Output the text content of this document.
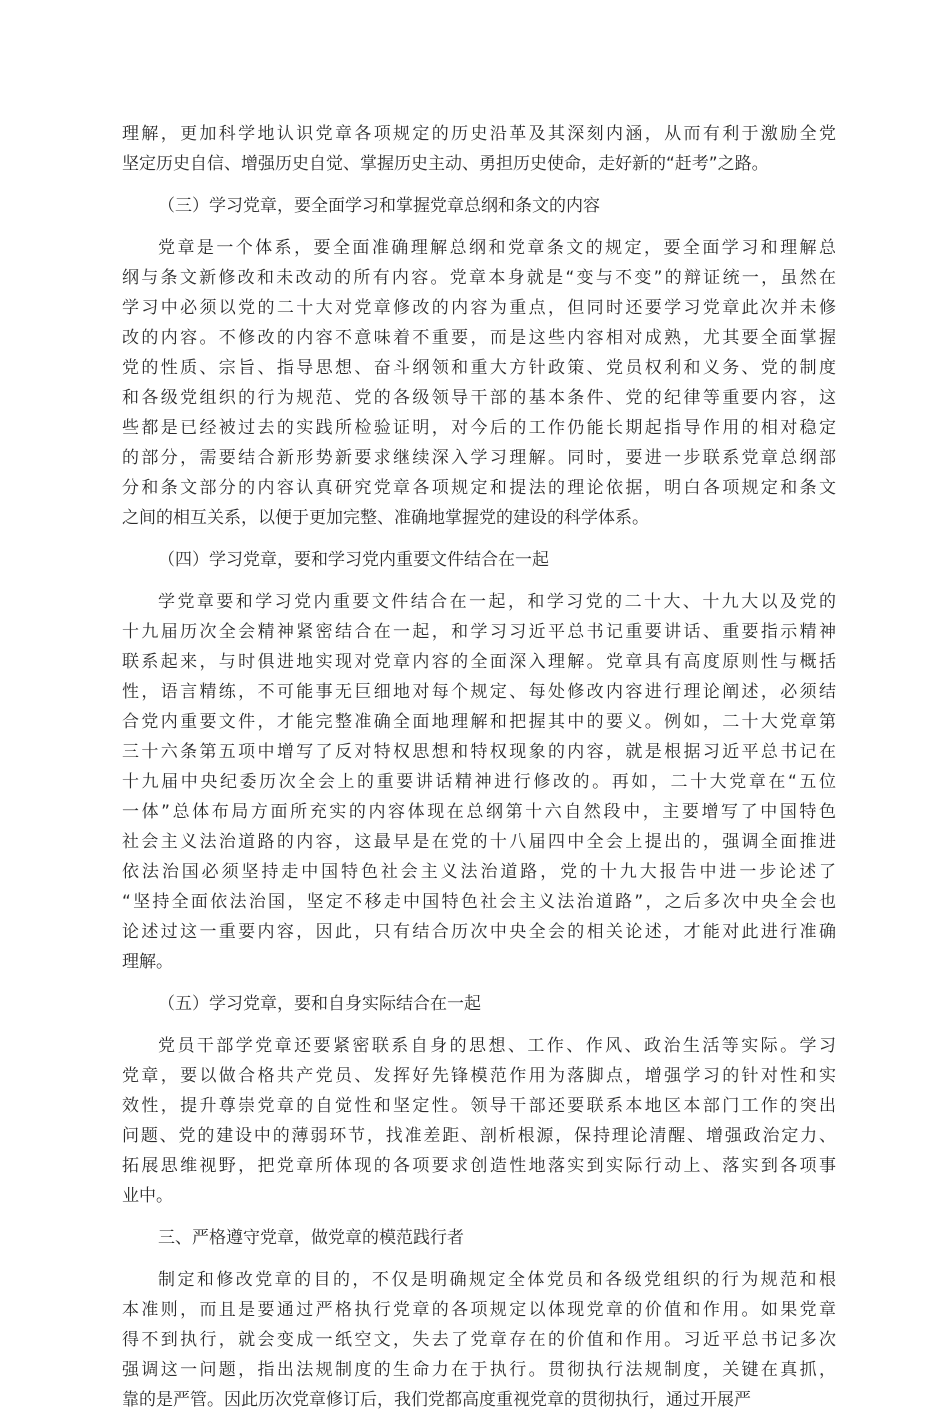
理解，更加科学地认识党章各项规定的历史沿革及其深刻内涵，从而有利于激励全党
坚定历史自信、增强历史自觉、掌握历史主动、勇担历史使命，走好新的“赶考”之路。
（三）学习党章，要全面学习和掌握党章总纲和条文的内容
党章是一个体系，要全面准确理解总纲和党章条文的规定，要全面学习和理解总
纲与条文新修改和未改动的所有内容。党章本身就是“变与不变”的辩证统一，虽然在
学习中必须以党的二十大对党章修改的内容为重点，但同时还要学习党章此次并未修
改的内容。不修改的内容不意味着不重要，而是这些内容相对成熟，尤其要全面掌握
党的性质、宗旨、指导思想、奋斗纲领和重大方针政策、党员权利和义务、党的制度
和各级党组织的行为规范、党的各级领导干部的基本条件、党的纪律等重要内容，这
些都是已经被过去的实践所检验证明，对今后的工作仍能长期起指导作用的相对稳定
的部分，需要结合新形势新要求继续深入学习理解。同时，要进一步联系党章总纲部
分和条文部分的内容认真研究党章各项规定和提法的理论依据，明白各项规定和条文
之间的相互关系，以便于更加完整、准确地掌握党的建设的科学体系。
（四）学习党章，要和学习党内重要文件结合在一起
学党章要和学习党内重要文件结合在一起，和学习党的二十大、十九大以及党的
十九届历次全会精神紧密结合在一起，和学习习近平总书记重要讲话、重要指示精神
联系起来，与时俱进地实现对党章内容的全面深入理解。党章具有高度原则性与概括
性，语言精练，不可能事无巨细地对每个规定、每处修改内容进行理论阐述，必须结
合党内重要文件，才能完整准确全面地理解和把握其中的要义。例如，二十大党章第
三十六条第五项中增写了反对特权思想和特权现象的内容，就是根据习近平总书记在
十九届中央纪委历次全会上的重要讲话精神进行修改的。再如，二十大党章在“五位
一体”总体布局方面所充实的内容体现在总纲第十六自然段中，主要增写了中国特色
社会主义法治道路的内容，这最早是在党的十八届四中全会上提出的，强调全面推进
依法治国必须坚持走中国特色社会主义法治道路，党的十九大报告中进一步论述了
“坚持全面依法治国，坚定不移走中国特色社会主义法治道路”，之后多次中央全会也
论述过这一重要内容，因此，只有结合历次中央全会的相关论述，才能对此进行准确
理解。
（五）学习党章，要和自身实际结合在一起
党员干部学党章还要紧密联系自身的思想、工作、作风、政治生活等实际。学习
党章，要以做合格共产党员、发挥好先锋模范作用为落脚点，增强学习的针对性和实
效性，提升尊崇党章的自觉性和坚定性。领导干部还要联系本地区本部门工作的突出
问题、党的建设中的薄弱环节，找准差距、剖析根源，保持理论清醒、增强政治定力、
拓展思维视野，把党章所体现的各项要求创造性地落实到实际行动上、落实到各项事
业中。
三、严格遵守党章，做党章的模范践行者
制定和修改党章的目的，不仅是明确规定全体党员和各级党组织的行为规范和根
本准则，而且是要通过严格执行党章的各项规定以体现党章的价值和作用。如果党章
得不到执行，就会变成一纸空文，失去了党章存在的价值和作用。习近平总书记多次
强调这一问题，指出法规制度的生命力在于执行。贯彻执行法规制度，关键在真抓，
靠的是严管。因此历次党章修订后，我们党都高度重视党章的贯彻执行，通过开展严
